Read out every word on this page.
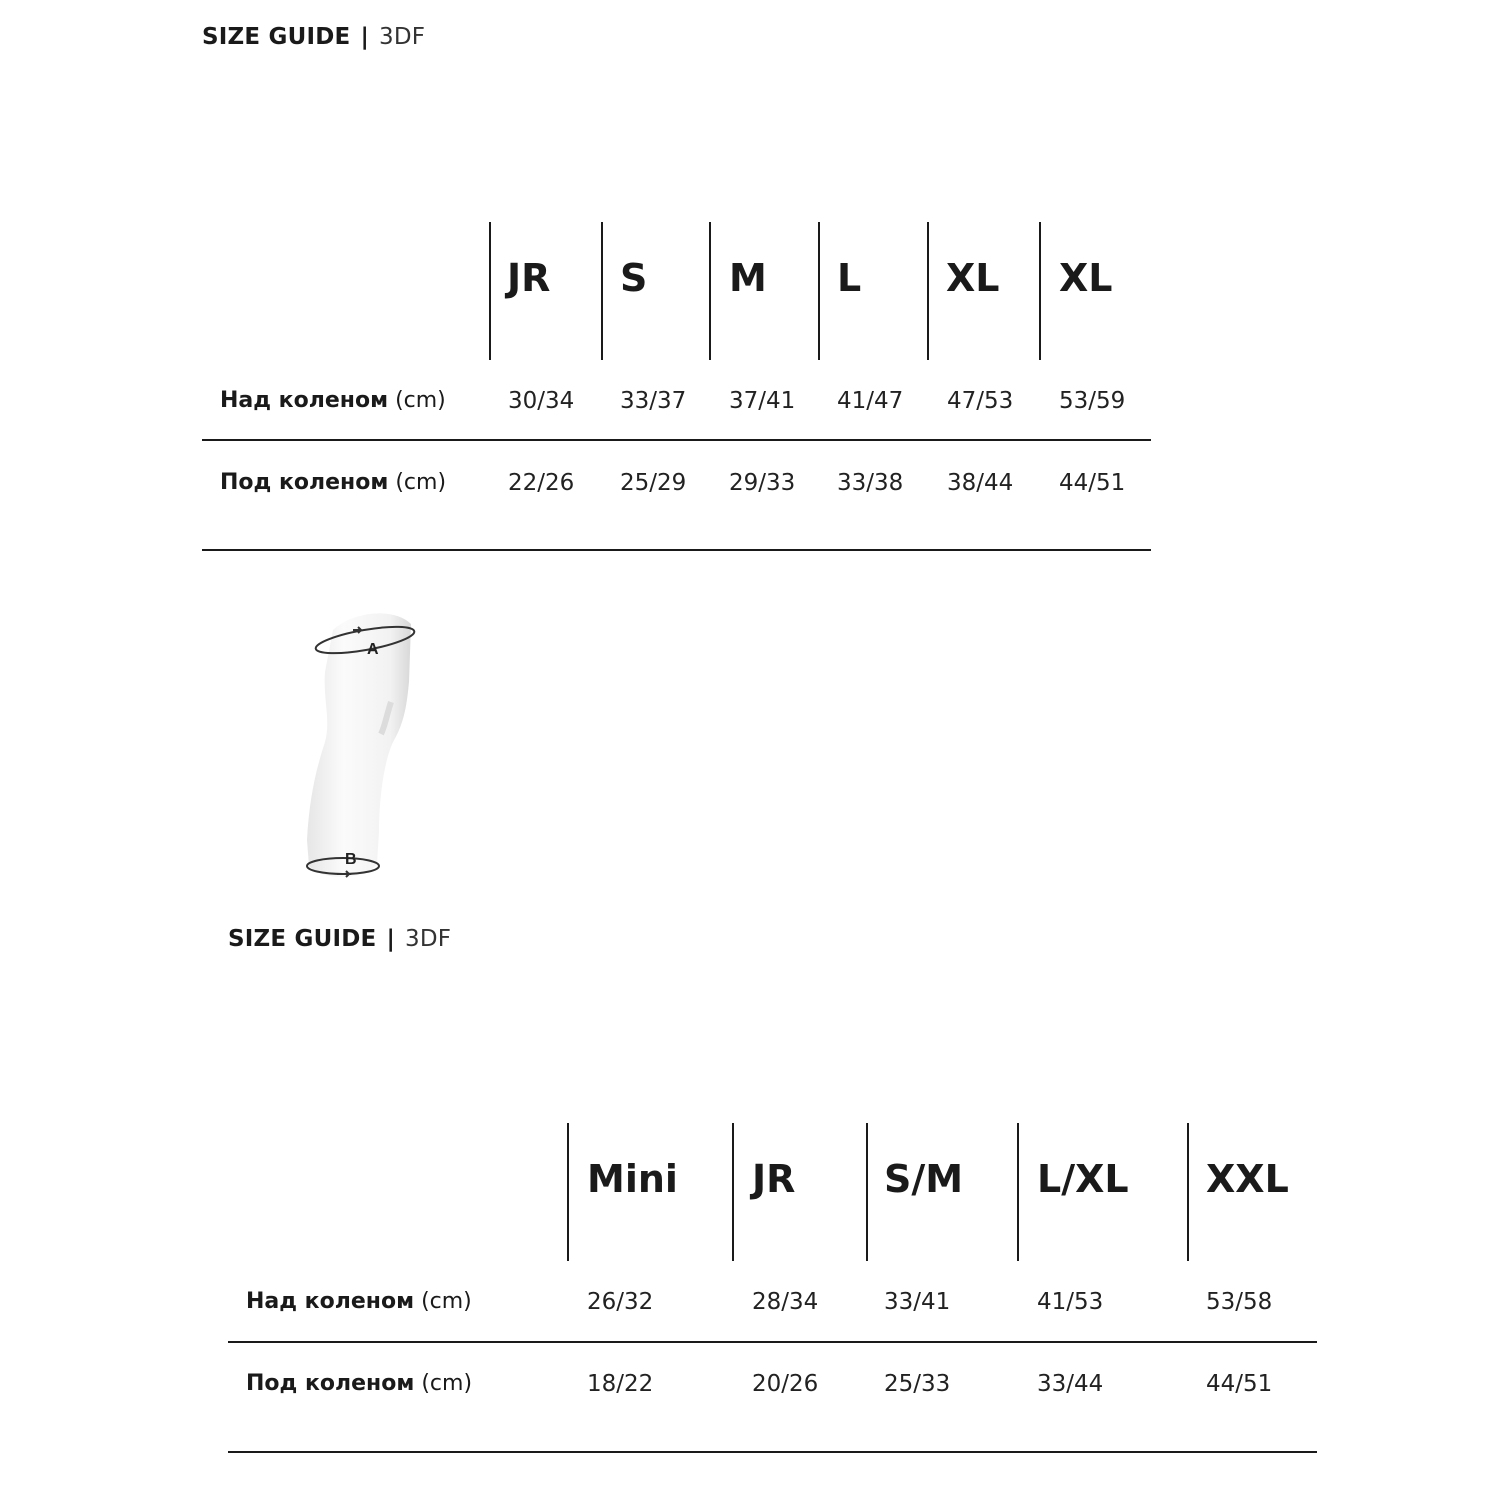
SIZE GUIDE | 3DF
JR S M L XL XL
Над коленом (cm)	30/34 33/37 37/41 41/47 47/53 53/59
Под коленом (cm)	22/26 25/29 29/33 33/38 38/44 44/51
A
B
SIZE GUIDE | 3DF
Mini JR S/M L/XL XXL
Над коленом (cm)	26/32	28/34	33/41	41/53	53/58
Под коленом (cm)	18/22	20/26	25/33	33/44	44/51
